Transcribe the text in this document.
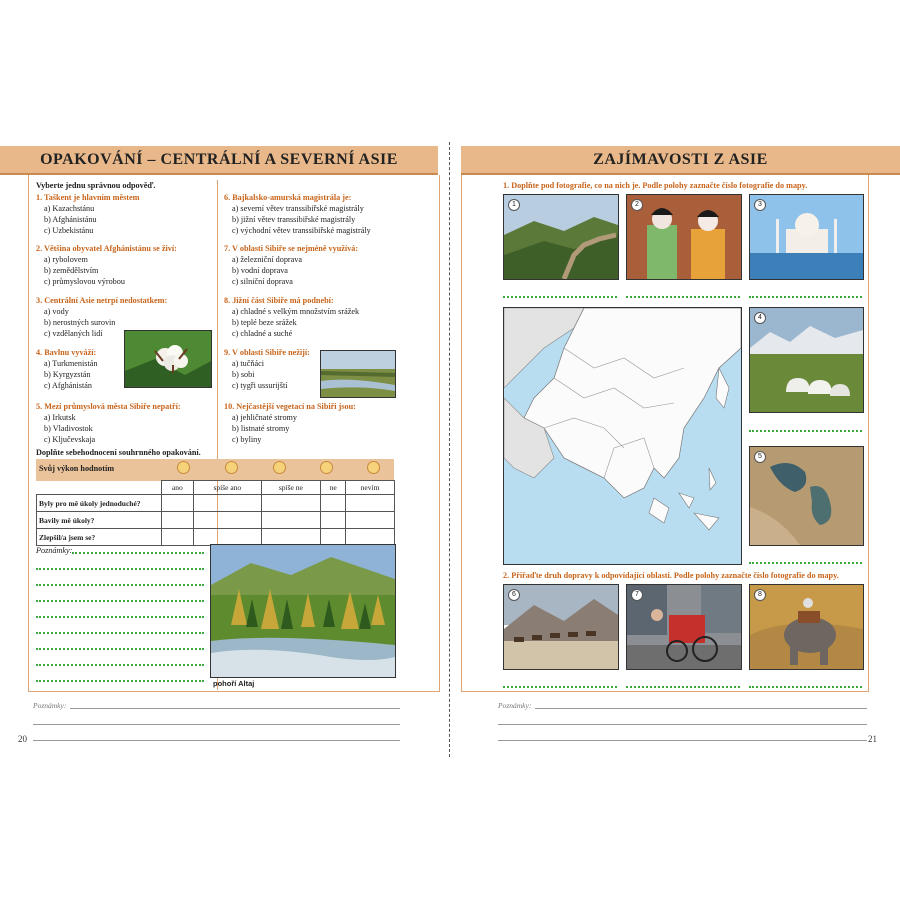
OPAKOVÁNÍ – CENTRÁLNÍ A SEVERNÍ ASIE
Vyberte jednu správnou odpověď.
1. Taškent je hlavním městem
a) Kazachstánu
b) Afghánistánu
c) Uzbekistánu
2. Většina obyvatel Afghánistánu se živí:
a) rybolovem
b) zemědělstvím
c) průmyslovou výrobou
3. Centrální Asie netrpí nedostatkem:
a) vody
b) nerostných surovin
c) vzdělaných lidí
4. Bavlnu vyváží:
a) Turkmenistán
b) Kyrgyzstán
c) Afghánistán
5. Mezi průmyslová města Sibiře nepatří:
a) Irkutsk
b) Vladivostok
c) Ključevskaja
6. Bajkalsko-amurská magistrála je:
a) severní větev transsibiřské magistrály
b) jižní větev transsibiřské magistrály
c) východní větev transsibiřské magistrály
7. V oblasti Sibiře se nejméně využívá:
a) železniční doprava
b) vodní doprava
c) silniční doprava
8. Jižní část Sibiře má podnebí:
a) chladné s velkým množstvím srážek
b) teplé beze srážek
c) chladné a suché
9. V oblasti Sibiře nežijí:
a) tučňáci
b) sobi
c) tygři ussurijští
10. Nejčastější vegetací na Sibiři jsou:
a) jehličnaté stromy
b) listnaté stromy
c) byliny
Doplňte sebehodnocení souhrnného opakování.
Svůj výkon hodnotím
	ano	spíše ano	spíše ne	ne	nevím
Byly pro mě úkoly jednoduché?					
Bavily mě úkoly?					
Zlepšil/a jsem se?					
Poznámky:
pohoří Altaj
Poznámky:
20
ZAJÍMAVOSTI Z ASIE
1. Doplňte pod fotografie, co na nich je. Podle polohy zaznačte číslo fotografie do mapy.
1	2	3
4
5
2. Přiřaďte druh dopravy k odpovídající oblasti. Podle polohy zaznačte číslo fotografie do mapy.
6	7	8
Poznámky:
21
